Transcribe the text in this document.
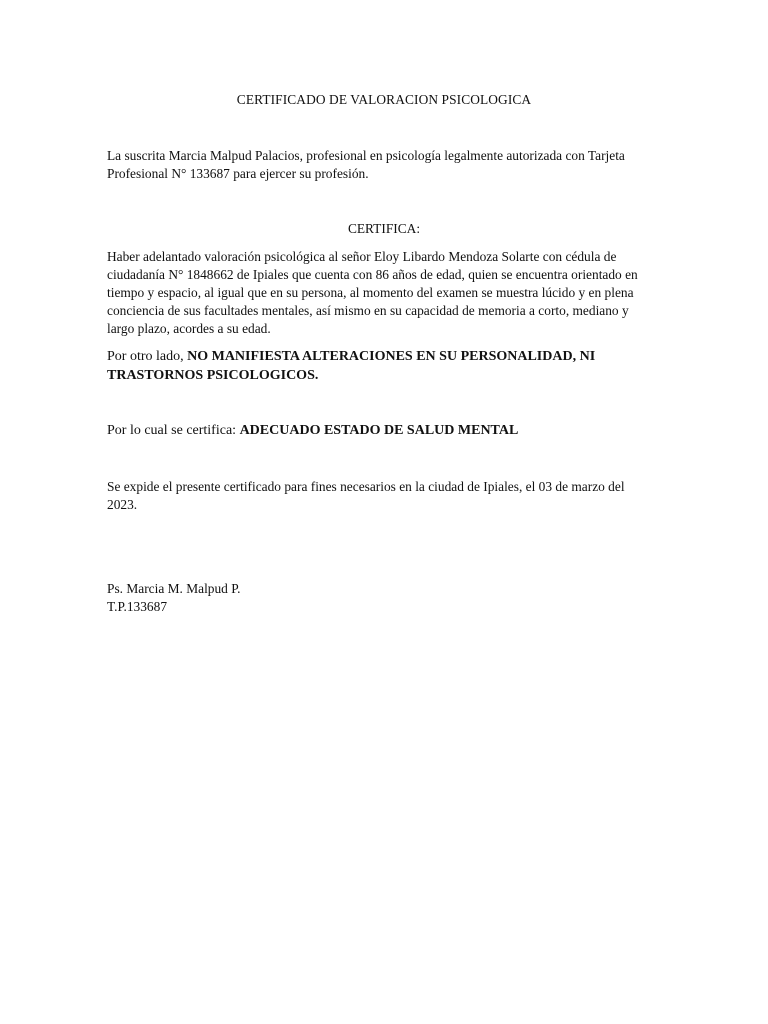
CERTIFICADO DE VALORACION PSICOLOGICA

La suscrita Marcia Malpud Palacios, profesional en psicología legalmente autorizada con Tarjeta Profesional N° 133687 para ejercer su profesión.

CERTIFICA:

Haber adelantado valoración psicológica al señor Eloy Libardo Mendoza Solarte con cédula de ciudadanía N° 1848662 de Ipiales que cuenta con 86 años de edad, quien se encuentra orientado en tiempo y espacio, al igual que en su persona, al momento del examen se muestra lúcido y en plena conciencia de sus facultades mentales, así mismo en su capacidad de memoria a corto, mediano y largo plazo, acordes a su edad.

Por otro lado, NO MANIFIESTA ALTERACIONES EN SU PERSONALIDAD, NI TRASTORNOS PSICOLOGICOS.

Por lo cual se certifica: ADECUADO ESTADO DE SALUD MENTAL

Se expide el presente certificado para fines necesarios en la ciudad de Ipiales, el 03 de marzo del 2023.

Ps. Marcia M. Malpud P.
T.P.133687
